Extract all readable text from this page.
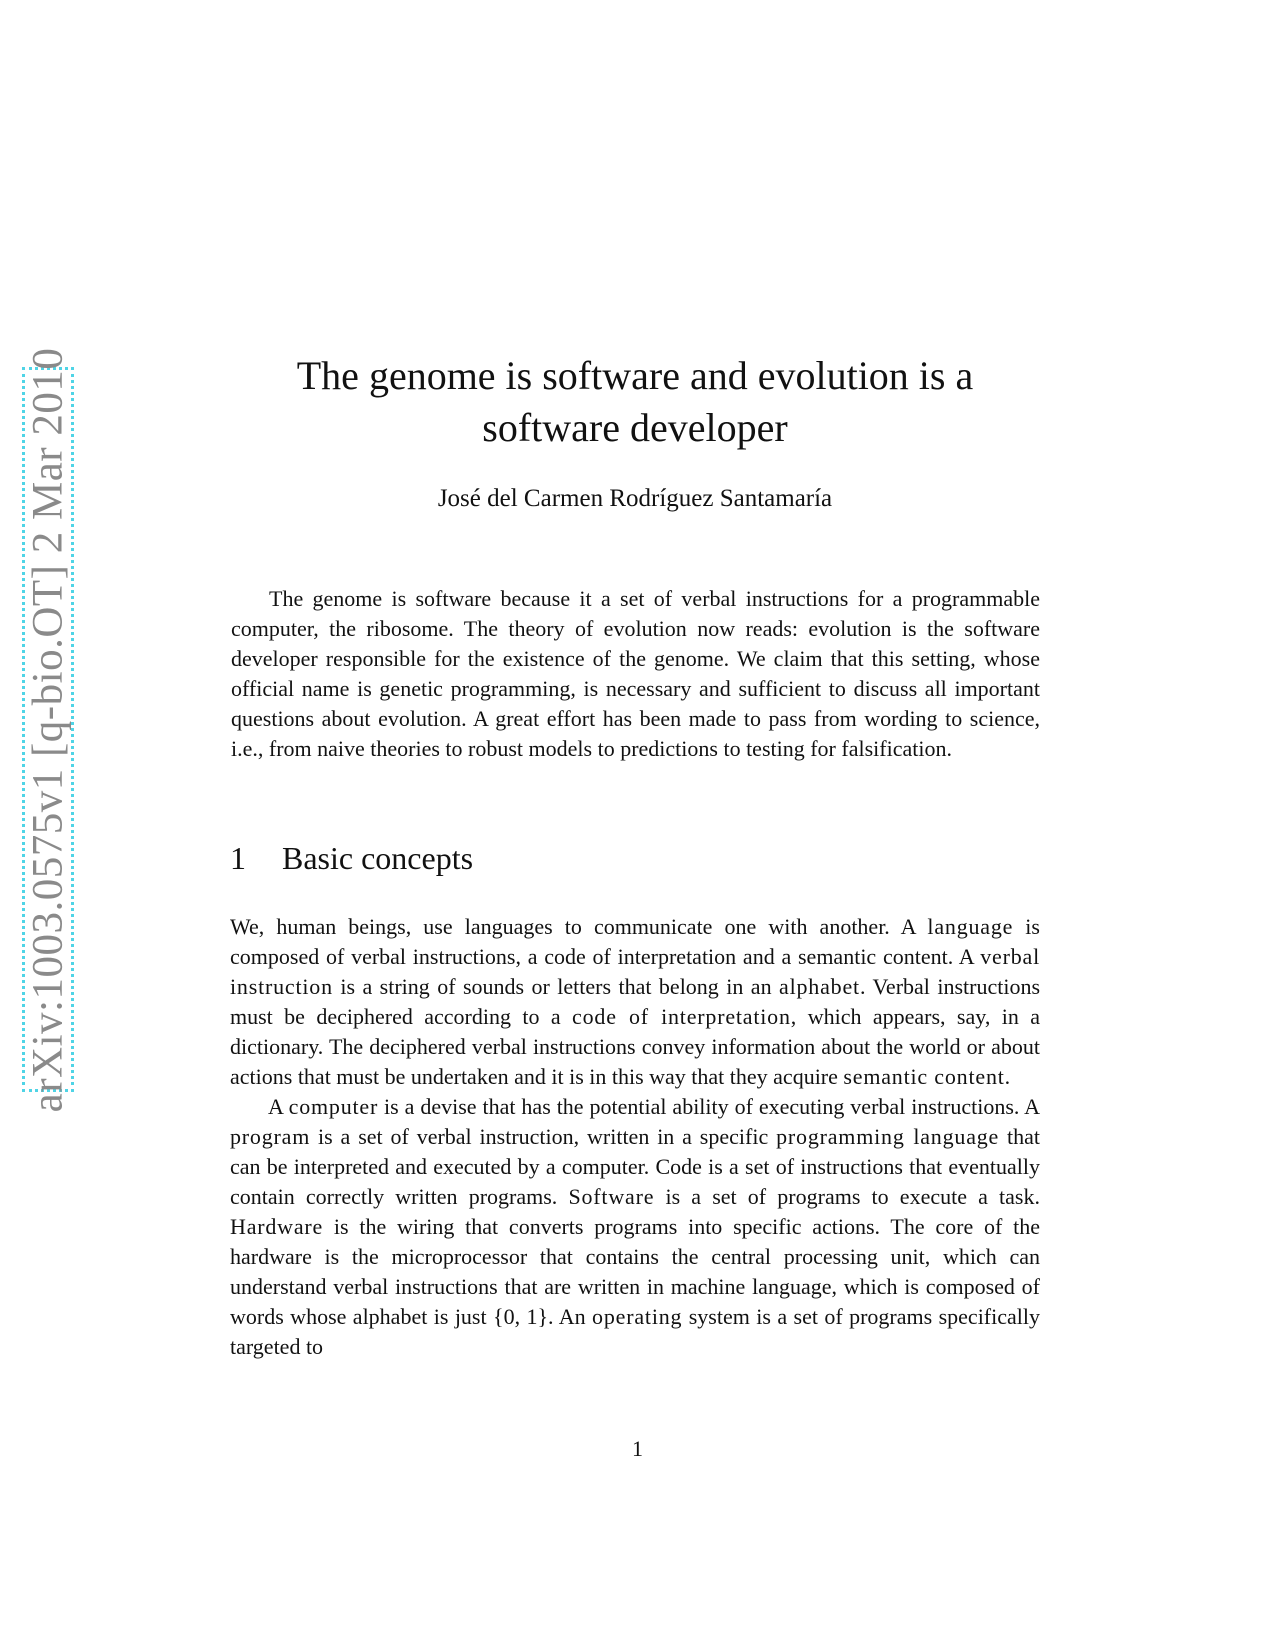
arXiv:1003.0575v1 [q-bio.OT] 2 Mar 2010	The genome is software and evolution is a
software developer
José del Carmen Rodríguez Santamaría

The genome is software because it a set of verbal instructions for a programmable computer, the ribosome. The theory of evolution now reads: evolution is the software developer responsible for the existence of the genome. We claim that this setting, whose official name is genetic programming, is necessary and sufficient to discuss all important questions about evolution. A great effort has been made to pass from wording to science, i.e., from naive theories to robust models to predictions to testing for falsification.

1 Basic concepts

We, human beings, use languages to communicate one with another. A language is composed of verbal instructions, a code of interpretation and a semantic content. A verbal instruction is a string of sounds or letters that belong in an alphabet. Verbal instructions must be deciphered according to a code of interpretation, which appears, say, in a dictionary. The deciphered verbal instructions convey information about the world or about actions that must be undertaken and it is in this way that they acquire semantic content.

A computer is a devise that has the potential ability of executing verbal instructions. A program is a set of verbal instruction, written in a specific programming language that can be interpreted and executed by a computer. Code is a set of instructions that eventually contain correctly written programs. Software is a set of programs to execute a task. Hardware is the wiring that converts programs into specific actions. The core of the hardware is the microprocessor that contains the central processing unit, which can understand verbal instructions that are written in machine language, which is composed of words whose alphabet is just {0, 1}. An operating system is a set of programs specifically targeted to

1
